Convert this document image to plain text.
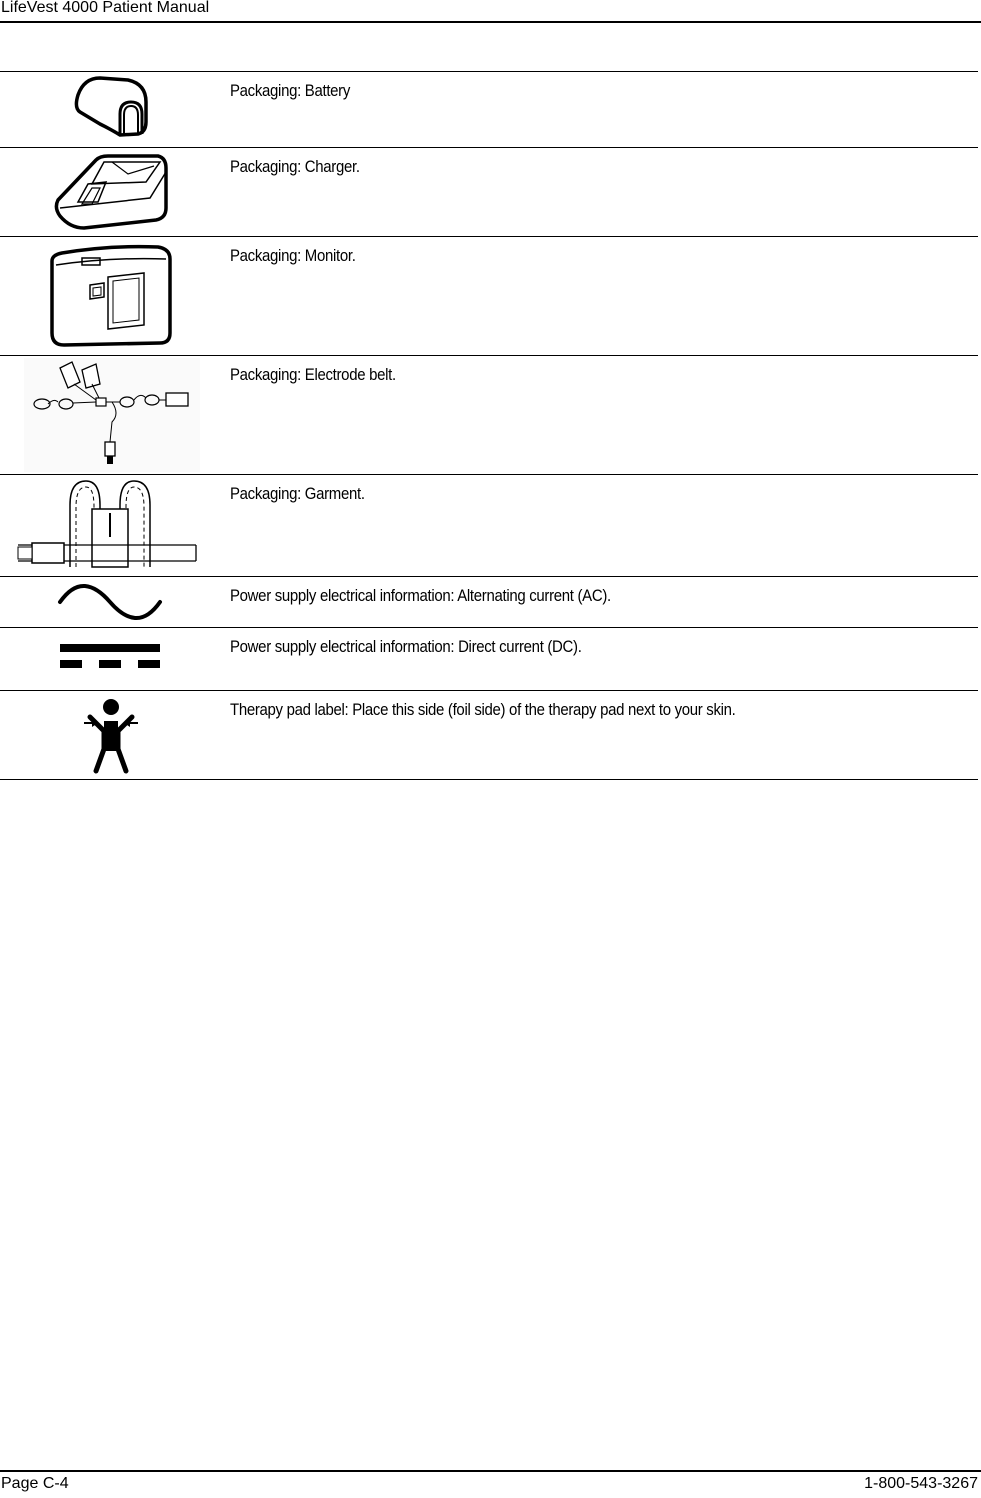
LifeVest 4000 Patient Manual
Packaging: Battery
Packaging: Charger.
Packaging: Monitor.
Packaging: Electrode belt.
Packaging: Garment.
Power supply electrical information: Alternating current (AC).
Power supply electrical information: Direct current (DC).
Therapy pad label: Place this side (foil side) of the therapy pad next to your skin.
Page C-4	1-800-543-3267
